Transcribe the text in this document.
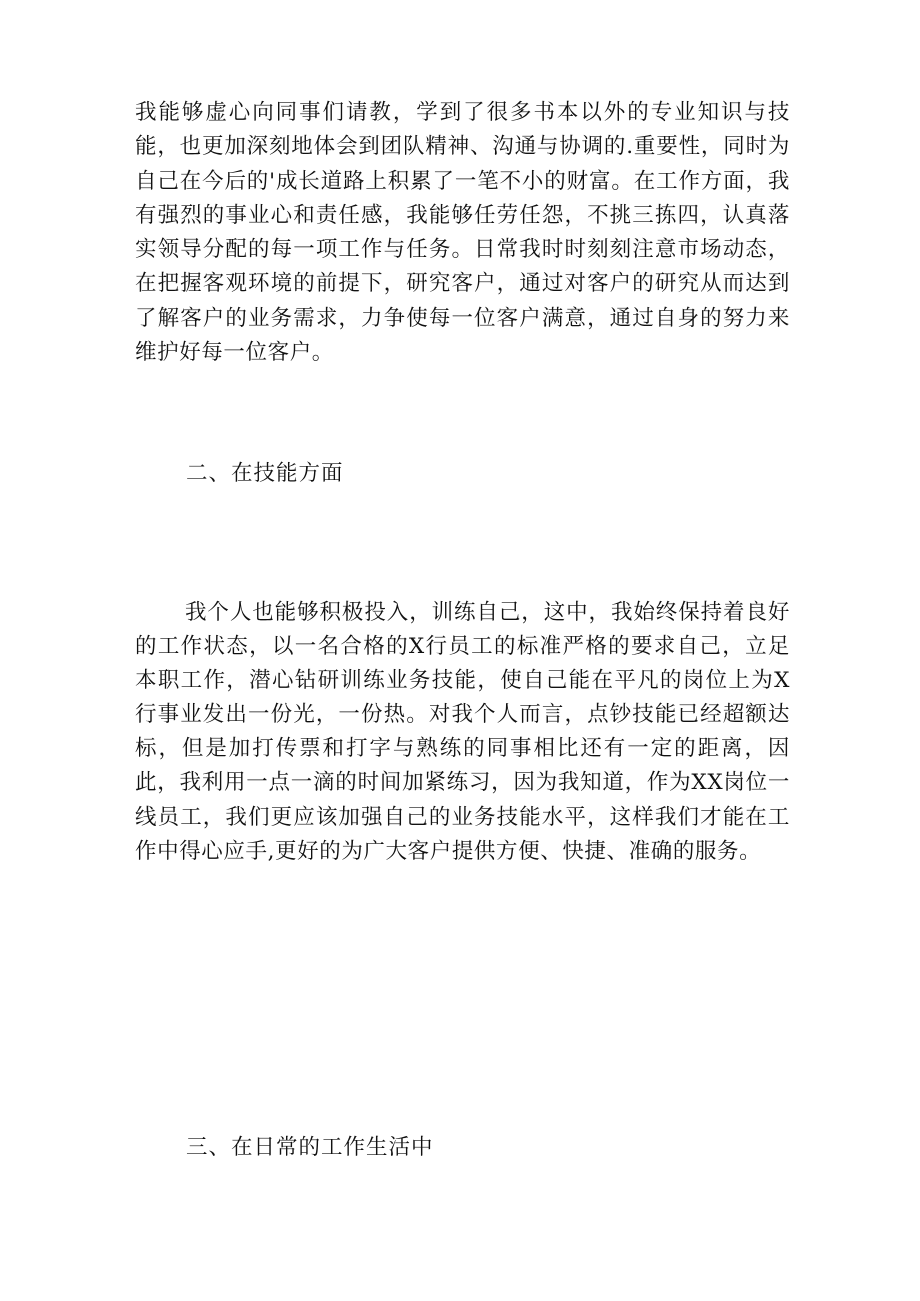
我能够虚心向同事们请教，学到了很多书本以外的专业知识与技能，也更加深刻地体会到团队精神、沟通与协调的.重要性，同时为自己在今后的'成长道路上积累了一笔不小的财富。在工作方面，我有强烈的事业心和责任感，我能够任劳任怨，不挑三拣四，认真落实领导分配的每一项工作与任务。日常我时时刻刻注意市场动态，在把握客观环境的前提下，研究客户，通过对客户的研究从而达到了解客户的业务需求，力争使每一位客户满意，通过自身的努力来维护好每一位客户。

二、在技能方面

我个人也能够积极投入，训练自己，这中，我始终保持着良好的工作状态，以一名合格的X行员工的标准严格的要求自己，立足本职工作，潜心钻研训练业务技能，使自己能在平凡的岗位上为X行事业发出一份光，一份热。对我个人而言，点钞技能已经超额达标，但是加打传票和打字与熟练的同事相比还有一定的距离，因此，我利用一点一滴的时间加紧练习，因为我知道，作为XX岗位一线员工，我们更应该加强自己的业务技能水平，这样我们才能在工作中得心应手,更好的为广大客户提供方便、快捷、准确的服务。

三、在日常的工作生活中
